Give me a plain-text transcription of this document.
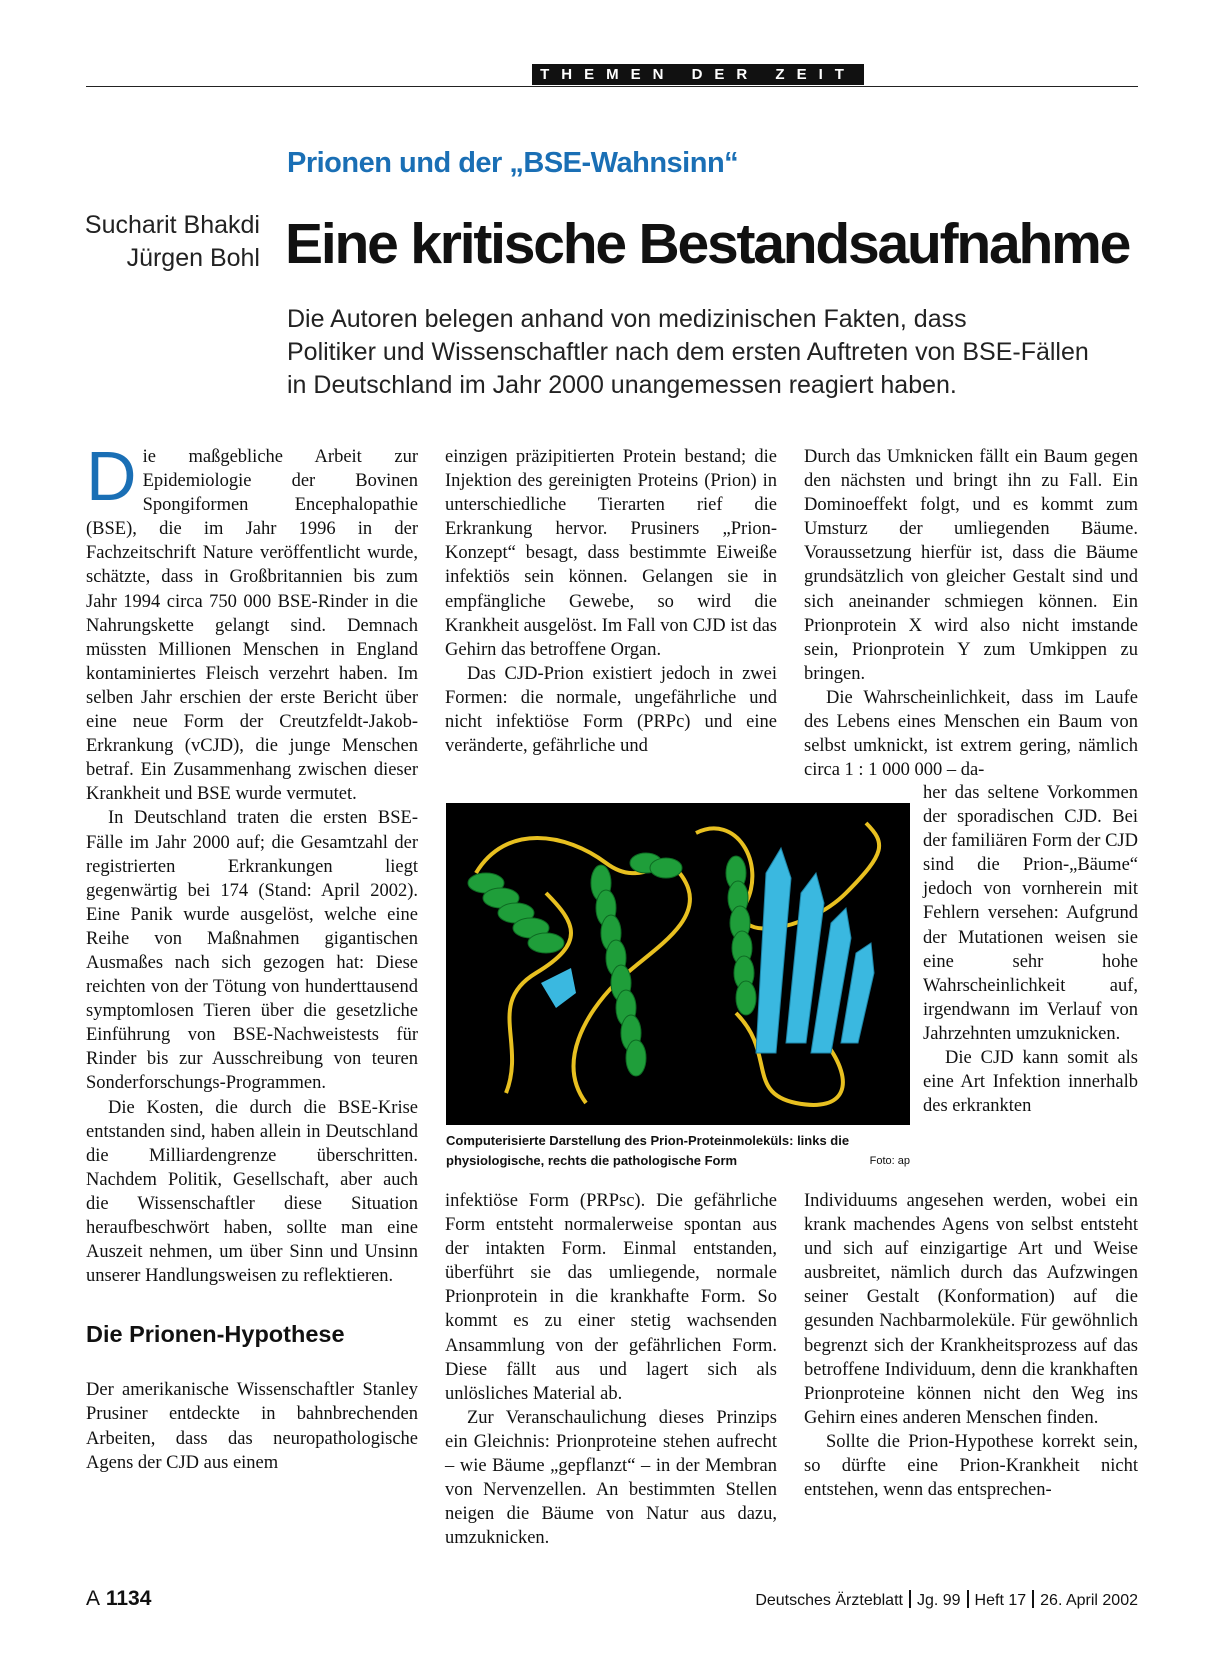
THEMEN DER ZEIT
Prionen und der „BSE-Wahnsinn“
Sucharit Bhakdi
Jürgen Bohl Eine kritische Bestandsaufnahme
Die Autoren belegen anhand von medizinischen Fakten, dass
Politiker und Wissenschaftler nach dem ersten Auftreten von BSE-Fällen
in Deutschland im Jahr 2000 unangemessen reagiert haben.

Die maßgebliche Arbeit zur Epidemiologie der Bovinen Spongiformen Encephalopathie (BSE), die im Jahr 1996 in der Fachzeitschrift Nature veröffentlicht wurde, schätzte, dass in Großbritannien bis zum Jahr 1994 circa 750 000 BSE-Rinder in die Nahrungskette gelangt sind. Demnach müssten Millionen Menschen in England kontaminiertes Fleisch verzehrt haben. Im selben Jahr erschien der erste Bericht über eine neue Form der Creutzfeldt-Jakob-Erkrankung (vCJD), die junge Menschen betraf. Ein Zusammenhang zwischen dieser Krankheit und BSE wurde vermutet.

In Deutschland traten die ersten BSE-Fälle im Jahr 2000 auf; die Gesamtzahl der registrierten Erkrankungen liegt gegenwärtig bei 174 (Stand: April 2002). Eine Panik wurde ausgelöst, welche eine Reihe von Maßnahmen gigantischen Ausmaßes nach sich gezogen hat: Diese reichten von der Tötung von hunderttausend symptomlosen Tieren über die gesetzliche Einführung von BSE-Nachweistests für Rinder bis zur Ausschreibung von teuren Sonderforschungs-Programmen.

Die Kosten, die durch die BSE-Krise entstanden sind, haben allein in Deutschland die Milliardengrenze überschritten. Nachdem Politik, Gesellschaft, aber auch die Wissenschaftler diese Situation heraufbeschwört haben, sollte man eine Auszeit nehmen, um über Sinn und Unsinn unserer Handlungsweisen zu reflektieren.

Die Prionen-Hypothese

Der amerikanische Wissenschaftler Stanley Prusiner entdeckte in bahnbrechenden Arbeiten, dass das neuropathologische Agens der CJD aus einem

einzigen präzipitierten Protein bestand; die Injektion des gereinigten Proteins (Prion) in unterschiedliche Tierarten rief die Erkrankung hervor. Prusiners „Prion-Konzept“ besagt, dass bestimmte Eiweiße infektiös sein können. Gelangen sie in empfängliche Gewebe, so wird die Krankheit ausgelöst. Im Fall von CJD ist das Gehirn das betroffene Organ.

Das CJD-Prion existiert jedoch in zwei Formen: die normale, ungefährliche und nicht infektiöse Form (PRPc) und eine veränderte, gefährliche und

Computerisierte Darstellung des Prion-Proteinmoleküls: links die physiologische, rechts die pathologische Form	Foto: ap

infektiöse Form (PRPsc). Die gefährliche Form entsteht normalerweise spontan aus der intakten Form. Einmal entstanden, überführt sie das umliegende, normale Prionprotein in die krankhafte Form. So kommt es zu einer stetig wachsenden Ansammlung von der gefährlichen Form. Diese fällt aus und lagert sich als unlösliches Material ab.

Zur Veranschaulichung dieses Prinzips ein Gleichnis: Prionproteine stehen aufrecht – wie Bäume „gepflanzt“ – in der Membran von Nervenzellen. An bestimmten Stellen neigen die Bäume von Natur aus dazu, umzuknicken.

Durch das Umknicken fällt ein Baum gegen den nächsten und bringt ihn zu Fall. Ein Dominoeffekt folgt, und es kommt zum Umsturz der umliegenden Bäume. Voraussetzung hierfür ist, dass die Bäume grundsätzlich von gleicher Gestalt sind und sich aneinander schmiegen können. Ein Prionprotein X wird also nicht imstande sein, Prionprotein Y zum Umkippen zu bringen.

Die Wahrscheinlichkeit, dass im Laufe des Lebens eines Menschen ein Baum von selbst umknickt, ist extrem gering, nämlich circa 1 : 1 000 000 – da-

her das seltene Vorkommen der sporadischen CJD. Bei der familiären Form der CJD sind die Prion-„Bäume“ jedoch von vornherein mit Fehlern versehen: Aufgrund der Mutationen weisen sie eine sehr hohe Wahrscheinlichkeit auf, irgendwann im Verlauf von Jahrzehnten umzuknicken.

Die CJD kann somit als eine Art Infektion innerhalb des erkrankten

Individuums angesehen werden, wobei ein krank machendes Agens von selbst entsteht und sich auf einzigartige Art und Weise ausbreitet, nämlich durch das Aufzwingen seiner Gestalt (Konformation) auf die gesunden Nachbarmoleküle. Für gewöhnlich begrenzt sich der Krankheitsprozess auf das betroffene Individuum, denn die krankhaften Prionproteine können nicht den Weg ins Gehirn eines anderen Menschen finden.

Sollte die Prion-Hypothese korrekt sein, so dürfte eine Prion-Krankheit nicht entstehen, wenn das entsprechen-

A 1134	Deutsches Ärzteblatt Jg. 99 Heft 17 26. April 2002
